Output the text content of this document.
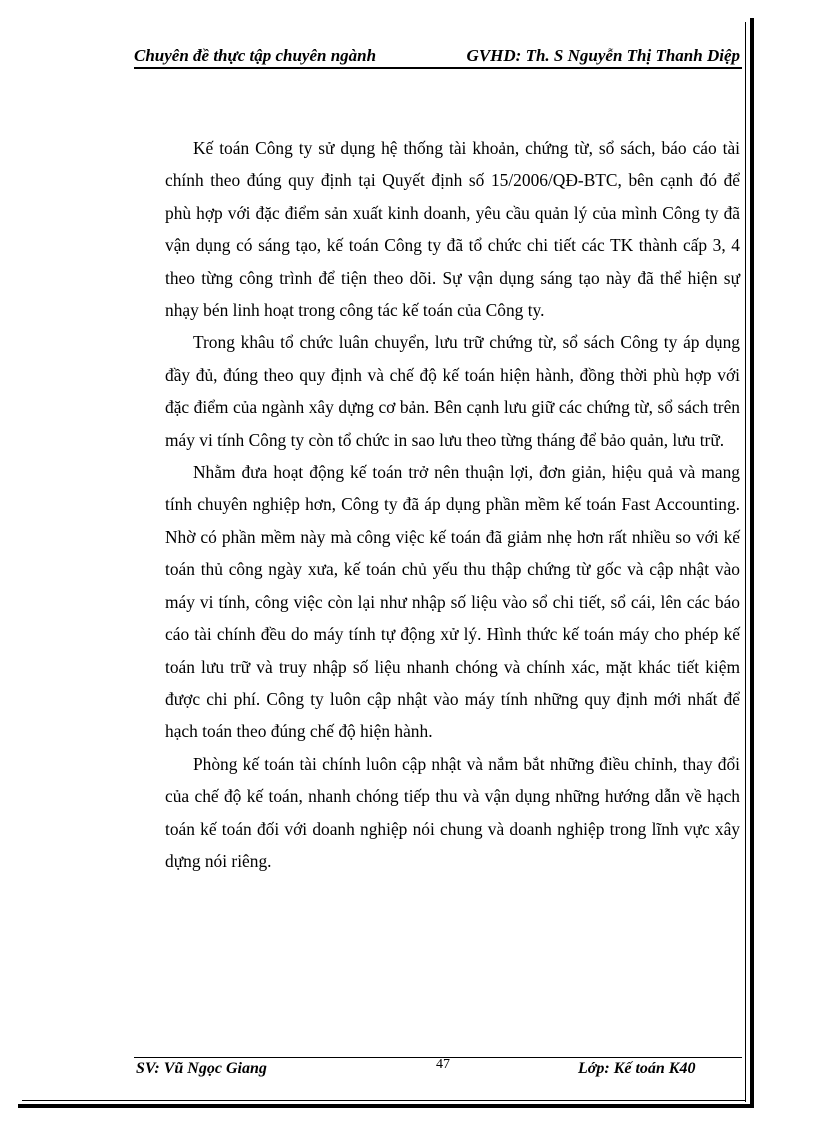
Chuyên đề thực tập chuyên ngành	GVHD: Th. S Nguyễn Thị Thanh Diệp

Kế toán Công ty sử dụng hệ thống tài khoản, chứng từ, sổ sách, báo cáo tài chính theo đúng quy định tại Quyết định số 15/2006/QĐ-BTC, bên cạnh đó để phù hợp với đặc điểm sản xuất kinh doanh, yêu cầu quản lý của mình Công ty đã vận dụng có sáng tạo, kế toán Công ty đã tổ chức chi tiết các TK thành cấp 3, 4 theo từng công trình để tiện theo dõi. Sự vận dụng sáng tạo này đã thể hiện sự nhạy bén linh hoạt trong công tác kế toán của Công ty.

Trong khâu tổ chức luân chuyển, lưu trữ chứng từ, sổ sách Công ty áp dụng đầy đủ, đúng theo quy định và chế độ kế toán hiện hành, đồng thời phù hợp với đặc điểm của ngành xây dựng cơ bản. Bên cạnh lưu giữ các chứng từ, sổ sách trên máy vi tính Công ty còn tổ chức in sao lưu theo từng tháng để bảo quản, lưu trữ.

Nhằm đưa hoạt động kế toán trở nên thuận lợi, đơn giản, hiệu quả và mang tính chuyên nghiệp hơn, Công ty đã áp dụng phần mềm kế toán Fast Accounting. Nhờ có phần mềm này mà công việc kế toán đã giảm nhẹ hơn rất nhiều so với kế toán thủ công ngày xưa, kế toán chủ yếu thu thập chứng từ gốc và cập nhật vào máy vi tính, công việc còn lại như nhập số liệu vào sổ chi tiết, sổ cái, lên các báo cáo tài chính đều do máy tính tự động xử lý. Hình thức kế toán máy cho phép kế toán lưu trữ và truy nhập số liệu nhanh chóng và chính xác, mặt khác tiết kiệm được chi phí. Công ty luôn cập nhật vào máy tính những quy định mới nhất để hạch toán theo đúng chế độ hiện hành.

Phòng kế toán tài chính luôn cập nhật và nắm bắt những điều chỉnh, thay đổi của chế độ kế toán, nhanh chóng tiếp thu và vận dụng những hướng dẫn về hạch toán kế toán đối với doanh nghiệp nói chung và doanh nghiệp trong lĩnh vực xây dựng nói riêng.

SV: Vũ Ngọc Giang	47	Lớp: Kế toán K40
